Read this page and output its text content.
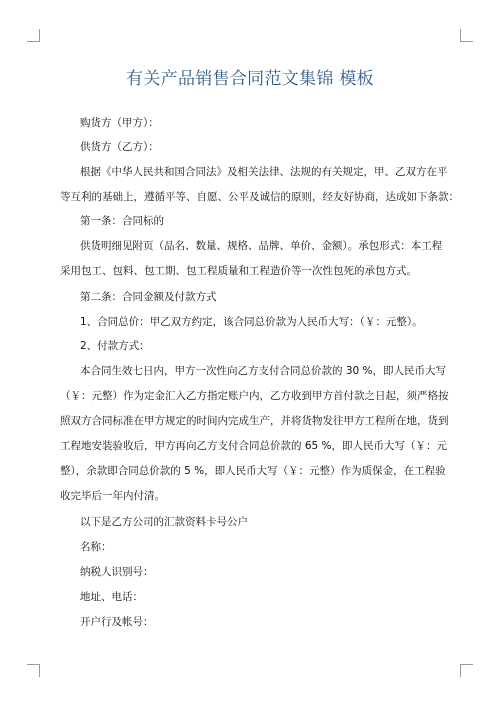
有关产品销售合同范文集锦 模板
购货方（甲方）：
供货方（乙方）：
根据《中华人民共和国合同法》及相关法律、法规的有关规定，甲、乙双方在平
等互利的基础上，遵循平等、自愿、公平及诚信的原则，经友好协商，达成如下条款：
第一条：合同标的
供货明细见附页（品名、数量、规格、品牌、单价、金额）。承包形式：本工程
采用包工、包料、包工期、包工程质量和工程造价等一次性包死的承包方式。
第二条：合同金额及付款方式
1、合同总价：甲乙双方约定，该合同总价款为人民币大写：（￥：元整）。
2、付款方式：
本合同生效七日内，甲方一次性向乙方支付合同总价款的 30 %，即人民币大写
（￥：元整）作为定金汇入乙方指定账户内，乙方收到甲方首付款之日起，须严格按
照双方合同标准在甲方规定的时间内完成生产，并将货物发往甲方工程所在地，货到
工程地安装验收后，甲方再向乙方支付合同总价款的 65 %，即人民币大写（￥：元
整），余款即合同总价款的 5 %，即人民币大写（￥：元整）作为质保金，在工程验
收完毕后一年内付清。
以下是乙方公司的汇款资料卡号公户
名称：
纳税人识别号：
地址、电话：
开户行及帐号：
